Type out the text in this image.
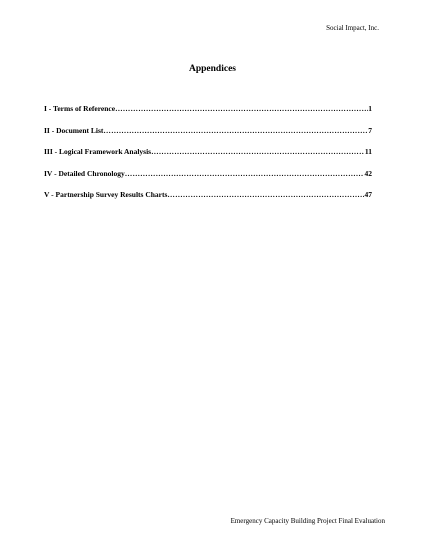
Social Impact, Inc.
Appendices
I - Terms of Reference ……………………………………………………………………………………………………………………………………………………………	1
II - Document List ……………………………………………………………………………………………………………………………………………………………	7
III - Logical Framework Analysis ……………………………………………………………………………………………………………………………………………………………	11
IV - Detailed Chronology ……………………………………………………………………………………………………………………………………………………………	42
V - Partnership Survey Results Charts ……………………………………………………………………………………………………………………………………………………………	47
Emergency Capacity Building Project Final Evaluation
